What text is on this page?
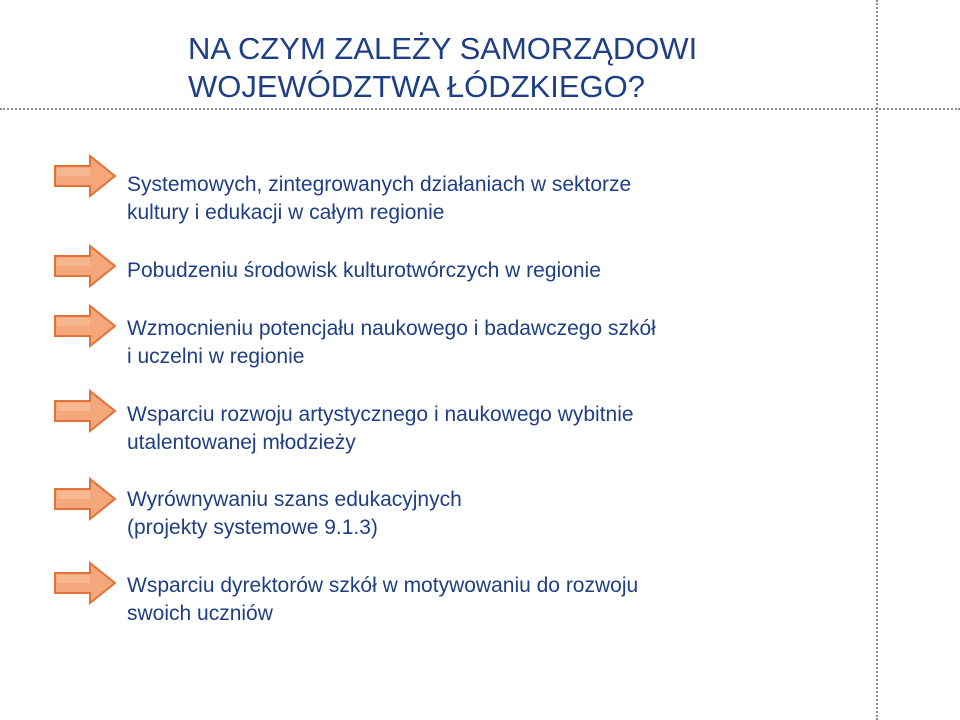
NA CZYM ZALEŻY SAMORZĄDOWI
WOJEWÓDZTWA ŁÓDZKIEGO?
Systemowych, zintegrowanych działaniach w sektorze
kultury i edukacji w całym regionie
Pobudzeniu środowisk kulturotwórczych w regionie
Wzmocnieniu potencjału naukowego i badawczego szkół
i uczelni w regionie
Wsparciu rozwoju artystycznego i naukowego wybitnie
utalentowanej młodzieży
Wyrównywaniu szans edukacyjnych
(projekty systemowe 9.1.3)
Wsparciu dyrektorów szkół w motywowaniu do rozwoju
swoich uczniów
